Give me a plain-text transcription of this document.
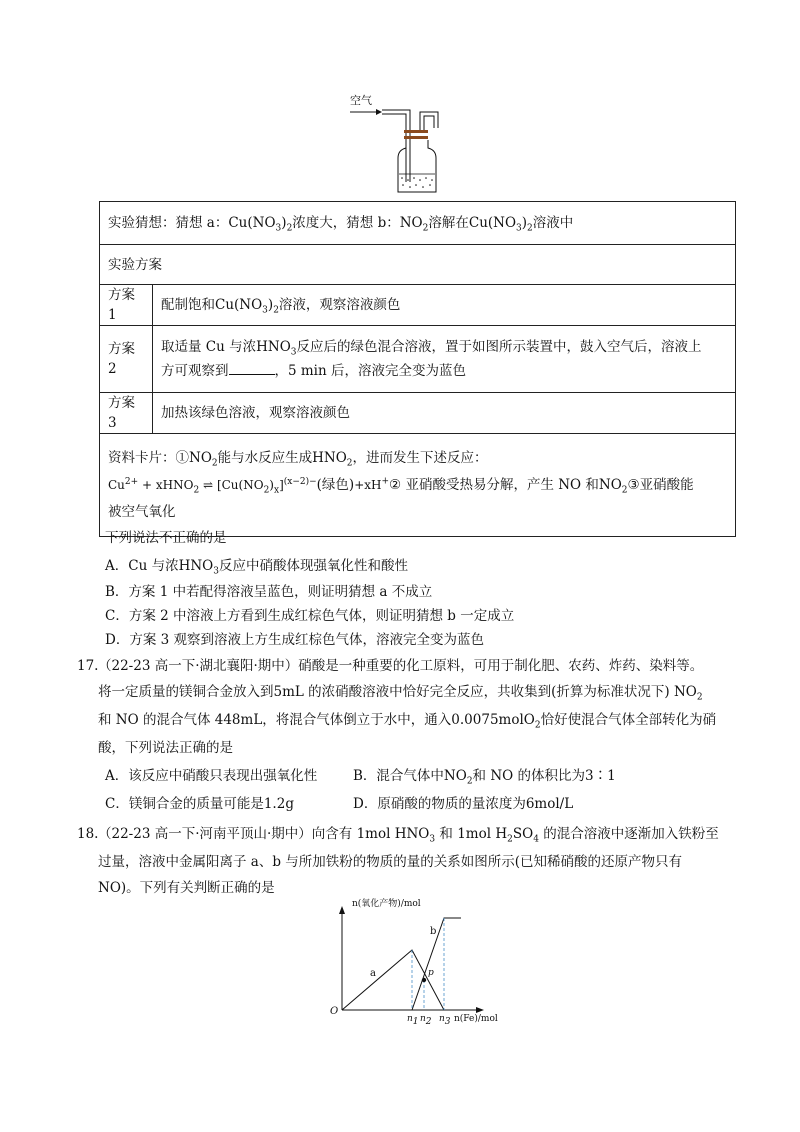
空气
实验猜想：猜想 a：$Cu(NO_3)_2$浓度大，猜想 b：$NO_2$溶解在$Cu(NO_3)_2$溶液中	
实验方案	
方案 1	配制饱和$Cu(NO_3)_2$溶液，观察溶液颜色
方案 2	取适量 Cu 与浓$HNO_3$反应后的绿色混合溶液，置于如图所示装置中，鼓入空气后，溶液上
方可观察到 ，5 min 后，溶液完全变为蓝色
方案 3	加热该绿色溶液，观察溶液颜色
资料卡片：$①NO_2$能与水反应生成$HNO_2$，进而发生下述反应：
$Cu^{2+}$ + xHNO$_2$ ⇌ $[Cu(NO_2)_x]^{(x-2)-}$(绿色)+xH+② 亚硝酸受热易分解，产生 NO 和$NO_2③$亚硝酸能
被空气氧化	
下列说法不正确的是
A．Cu 与浓$HNO_3$反应中硝酸体现强氧化性和酸性
B．方案 1 中若配得溶液呈蓝色，则证明猜想 a 不成立
C．方案 2 中溶液上方看到生成红棕色气体，则证明猜想 b 一定成立
D．方案 3 观察到溶液上方生成红棕色气体，溶液完全变为蓝色
17. （22-23 高一下·湖北襄阳·期中）硝酸是一种重要的化工原料，可用于制化肥、农药、炸药、染料等。
将一定质量的镁铜合金放入到5mL 的浓硝酸溶液中恰好完全反应，共收集到(折算为标准状况下) $NO_2$
和 NO 的混合气体 448mL，将混合气体倒立于水中，通入0.0075molO$_2$恰好使混合气体全部转化为硝
酸，下列说法正确的是
A．该反应中硝酸只表现出强氧化性	B．混合气体中$NO_2$和 NO 的体积比为3∶1
C．镁铜合金的质量可能是1.2g	D．原硝酸的物质的量浓度为6mol/L
18. （22-23 高一下·河南平顶山·期中）向含有 1mol $HNO_3$ 和 1mol $H_2SO_4$ 的混合溶液中逐渐加入铁粉至
过量，溶液中金属阳离子 a、b 与所加铁粉的物质的量的关系如图所示(已知稀硝酸的还原产物只有
NO)。下列有关判断正确的是
n(氧化产物)/mol
n(Fe)/mol
O
a
b
p
$n_1$ $n_2$ $n_3$
